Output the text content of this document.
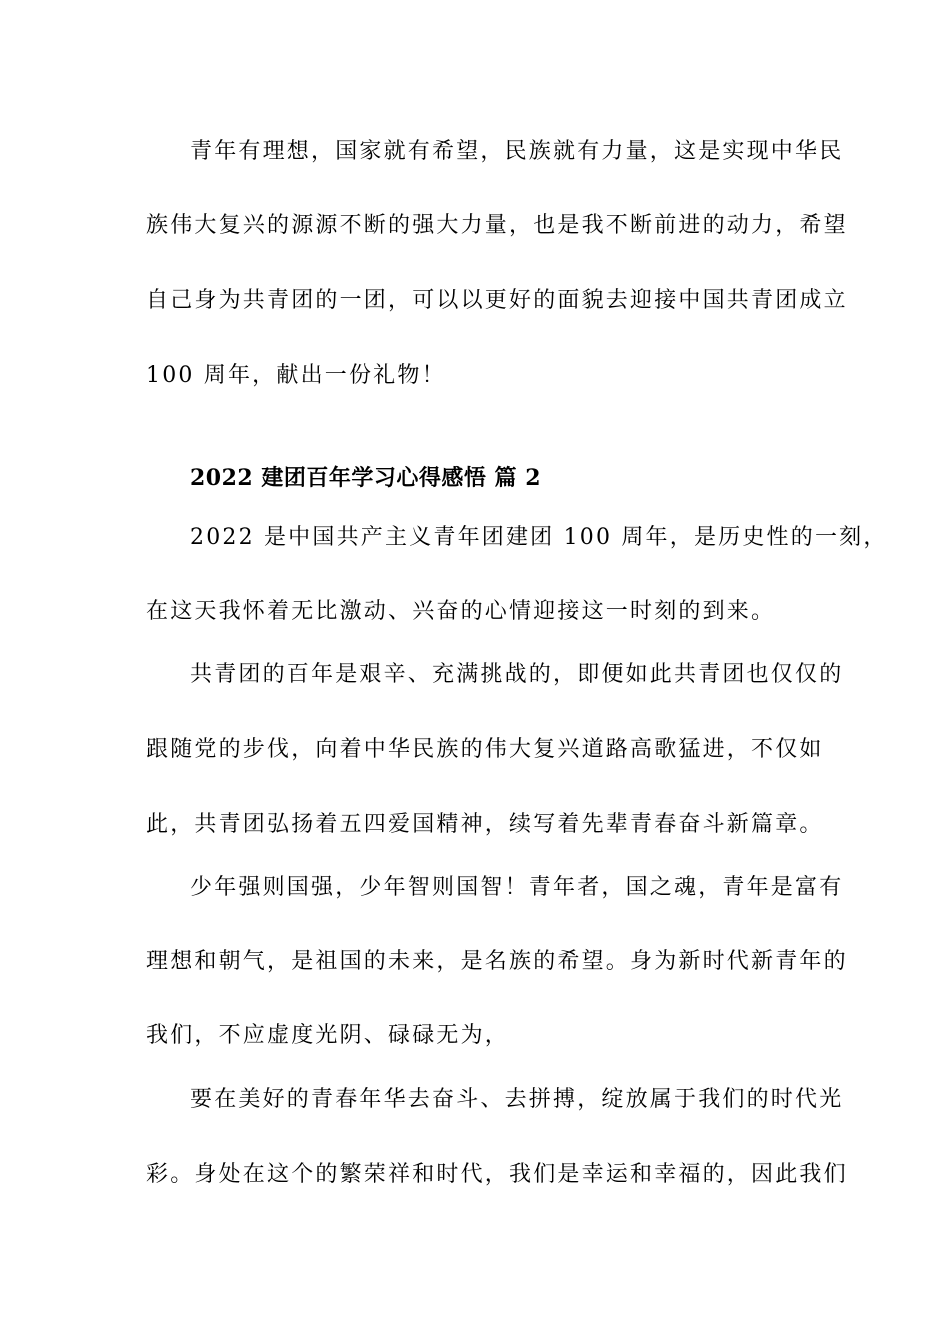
青年有理想，国家就有希望，民族就有力量，这是实现中华民
族伟大复兴的源源不断的强大力量，也是我不断前进的动力，希望
自己身为共青团的一团，可以以更好的面貌去迎接中国共青团成立
100 周年，献出一份礼物！
2022 建团百年学习心得感悟 篇 2
2022 是中国共产主义青年团建团 100 周年，是历史性的一刻，
在这天我怀着无比激动、兴奋的心情迎接这一时刻的到来。
共青团的百年是艰辛、充满挑战的，即便如此共青团也仅仅的
跟随党的步伐，向着中华民族的伟大复兴道路高歌猛进，不仅如
此，共青团弘扬着五四爱国精神，续写着先辈青春奋斗新篇章。
少年强则国强，少年智则国智！青年者，国之魂，青年是富有
理想和朝气，是祖国的未来，是名族的希望。身为新时代新青年的
我们，不应虚度光阴、碌碌无为，
要在美好的青春年华去奋斗、去拼搏，绽放属于我们的时代光
彩。身处在这个的繁荣祥和时代，我们是幸运和幸福的，因此我们
